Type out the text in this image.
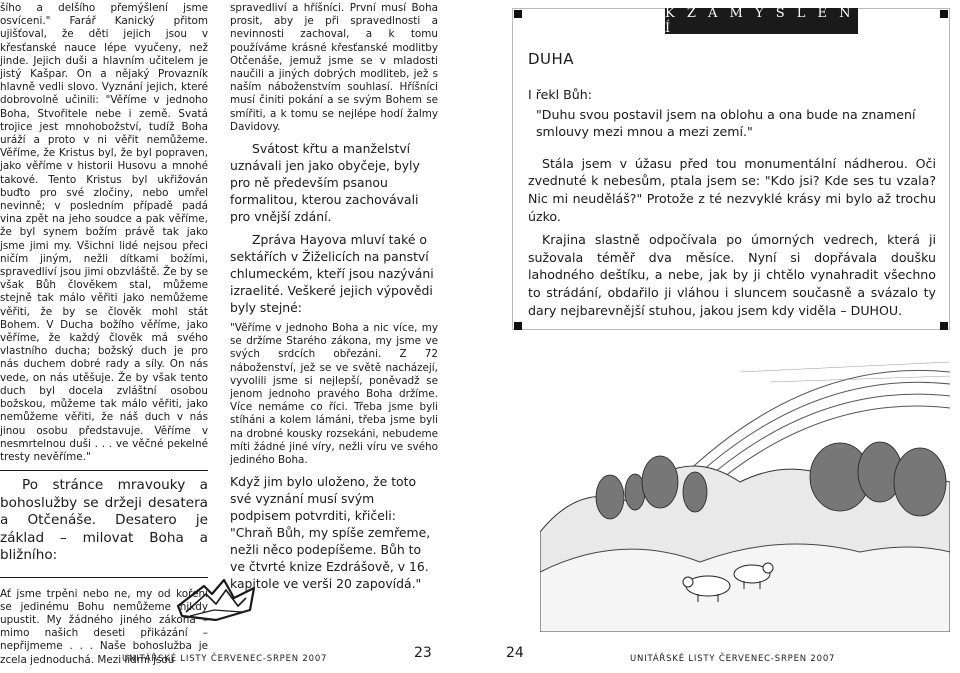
šího a delšího přemýšlení jsme osvíceni." Farář Kanický přitom ujišťoval, že děti jejich jsou v křesťanské nauce lépe vyučeny, než jinde. Jejich duši a hlavním učitelem je jistý Kašpar. On a nějaký Provazník hlavně vedli slovo. Vyznání jejich, které dobrovolně učinili: "Věříme v jednoho Boha, Stvořitele nebe i země. Svatá trojice jest mnohobožství, tudíž Boha uráží a proto v ni věřit nemůžeme. Věříme, že Kristus byl, že byl popraven, jako věříme v historii Husovu a mnohé takové. Tento Kristus byl ukřižován buďto pro své zločiny, nebo umřel nevinně; v posledním případě padá vina zpět na jeho soudce a pak věříme, že byl synem božím právě tak jako jsme jimi my. Všichni lidé nejsou přeci ničím jiným, nežli dítkami božími, spravedliví jsou jimi obzvláště. Že by se však Bůh člověkem stal, můžeme stejně tak málo věřiti jako nemůžeme věřiti, že by se člověk mohl stát Bohem. V Ducha božího věříme, jako věříme, že každý člověk má svého vlastního ducha; božský duch je pro nás duchem dobré rady a síly. On nás vede, on nás utěšuje. Že by však tento duch byl docela zvláštní osobou božskou, můžeme tak málo věřiti, jako nemůžeme věřiti, že náš duch v nás jinou osobu představuje. Věříme v nesmrtelnou duši . . . ve věčné pekelné tresty nevěříme."

Po stránce mravouky a bohoslužby se držeji desatera a Otčenáše. Desatero je základ – milovat Boha a bližního:

Ať jsme trpěni nebo ne, my od koření se jedinému Bohu nemůžeme nikdy upustit. My žádného jiného zákona – mimo našich deseti přikázání – nepřijmeme . . . Naše bohoslužba je zcela jednoduchá. Mezi lidmi jsou

spravedliví a hříšníci. První musí Boha prosit, aby je při spravedlnosti a nevinnosti zachoval, a k tomu používáme krásné křesťanské modlitby Otčenáše, jemuž jsme se v mladosti naučili a jiných dobrých modliteb, jež s naším náboženstvím souhlasí. Hříšníci musí činiti pokání a se svým Bohem se smířiti, a k tomu se nejlépe hodí žalmy Davidovy.

Svátost křtu a manželství uznávali jen jako obyčeje, byly pro ně především psanou formalitou, kterou zachovávali pro vnější zdání.

Zpráva Hayova mluví také o sektářích v Žiželicích na panství chlumeckém, kteří jsou nazýváni izraelité. Veškeré jejich výpovědi byly stejné:

"Věříme v jednoho Boha a nic více, my se držíme Starého zákona, my jsme ve svých srdcích obřezáni. Z 72 náboženství, jež se ve světě nacházejí, vyvolili jsme si nejlepší, poněvadž se jenom jednoho pravého Boha držíme. Více nemáme co říci. Třeba jsme byli stíháni a kolem lámáni, třeba jsme byli na drobné kousky rozsekáni, nebudeme míti žádné jiné víry, nežli víru ve svého jediného Boha.

Když jim bylo uloženo, že toto své vyznání musí svým podpisem potvrditi, křičeli: "Chraň Bůh, my spíše zemřeme, nežli něco podepíšeme. Bůh to ve čtvrté knize Ezdrášově, v 16. kapitole ve verši 20 zapovídá."

K Z A M Y Š L E N Í
DUHA

I řekl Bůh:

"Duhu svou postavil jsem na oblohu a ona bude na znamení smlouvy mezi mnou a mezi zemí."

Stála jsem v úžasu před tou monumentální nádherou. Oči zvednuté k nebesům, ptala jsem se: "Kdo jsi? Kde ses tu vzala? Nic mi neuděláš?" Protože z té nezvyklé krásy mi bylo až trochu úzko.

Krajina slastně odpočívala po úmorných vedrech, která ji sužovala téměř dva měsíce. Nyní si dopřávala doušku lahodného deštíku, a nebe, jak by ji chtělo vynahradit všechno to strádání, obdařilo ji vláhou i sluncem současně a svázalo ty dary nejbarevnější stuhou, jakou jsem kdy viděla – DUHOU.

UNITÁŘSKÉ LISTY ČERVENEC-SRPEN 2007	23	24	UNITÁŘSKÉ LISTY ČERVENEC-SRPEN 2007
